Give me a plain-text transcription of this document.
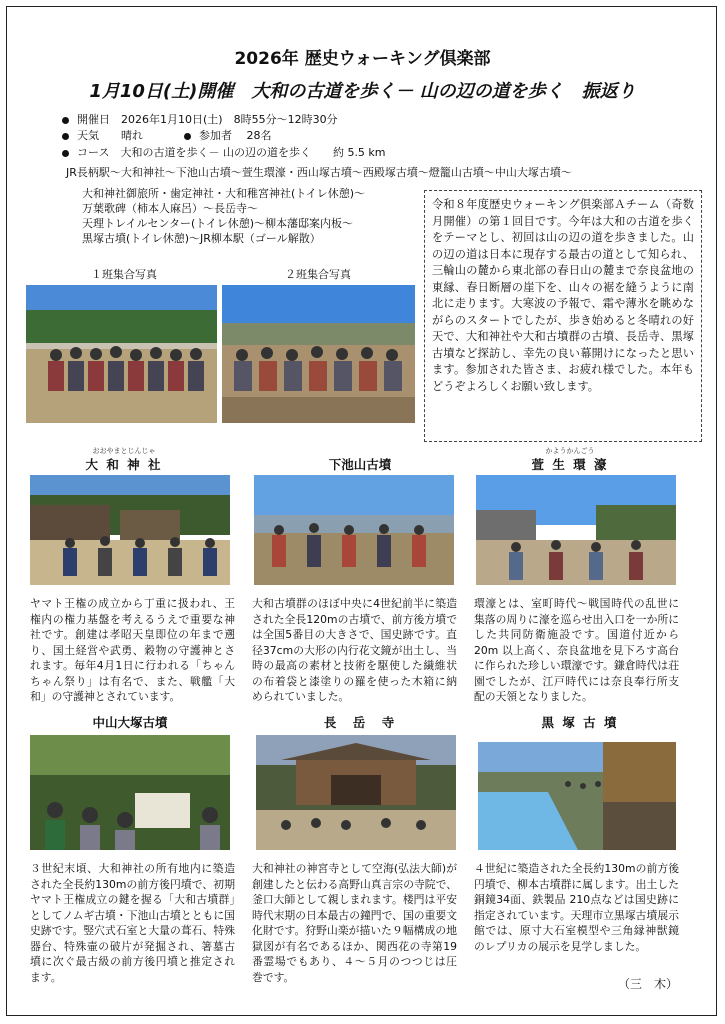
2026年 歴史ウォーキング倶楽部
1月10日(土)開催　大和の古道を歩く－ 山の辺の道を歩く　振返り
開催日　2026年1月10日(土)　8時55分～12時30分
天気　　晴れ	参加者　 28名
コース　大和の古道を歩く－ 山の辺の道を歩く　　約 5.5 km
JR長柄駅～大和神社～下池山古墳～萱生環濠・西山塚古墳～西殿塚古墳～燈籠山古墳～中山大塚古墳～
大和神社御旅所・歯定神社・大和稚宮神社(トイレ休憩)～
万葉歌碑（柿本人麻呂）～長岳寺～
天理トレイルセンター(トイレ休憩)～柳本藩邸案内板～
黒塚古墳(トイレ休憩)～JR柳本駅（ゴール解散）
令和８年度歴史ウォーキング倶楽部Ａチーム（奇数月開催）の第１回目です。今年は大和の古道を歩くをテーマとし、初回は山の辺の道を歩きました。山の辺の道は日本に現存する最古の道として知られ、三輪山の麓から東北部の春日山の麓まで奈良盆地の東縁、春日断層の崖下を、山々の裾を縫うように南北に走ります。大寒波の予報で、霜や薄氷を眺めながらのスタートでしたが、歩き始めると冬晴れの好天で、大和神社や大和古墳群の古墳、長岳寺、黒塚古墳など探訪し、幸先の良い幕開けになったと思います。参加された皆さま、お疲れ様でした。本年もどうぞよろしくお願い致します。
１班集合写真	２班集合写真
おおやまとじんじゃ
大 和 神 社	下池山古墳
かようかんごう
萱 生 環 濠
ヤマト王権の成立から丁重に扱われ、王権内の権力基盤を考えるうえで重要な神社です。創建は孝昭天皇即位の年まで遡り、国土経営や武勇、穀物の守護神とされます。毎年4月1日に行われる「ちゃんちゃん祭り」は有名で、また、戦艦「大和」の守護神とされています。
大和古墳群のほぼ中央に4世紀前半に築造された全長120mの古墳で、前方後方墳では全国5番目の大きさで、国史跡です。直径37cmの大形の内行花文鏡が出土し、当時の最高の素材と技術を駆使した繊維状の布着袋と漆塗りの羅を使った木箱に納められていました。
環濠とは、室町時代～戦国時代の乱世に集落の周りに濠を巡らせ出入口を一か所にした共同防衛施設です。国道付近から20m 以上高く、奈良盆地を見下ろす高台に作られた珍しい環濠です。鎌倉時代は荘園でしたが、江戸時代には奈良奉行所支配の天領となりました。
中山大塚古墳	長　岳　寺	黒 塚 古 墳
３世紀末頃、大和神社の所有地内に築造された全長約130mの前方後円墳で、初期ヤマト王権成立の鍵を握る「大和古墳群」としてノムギ古墳・下池山古墳とともに国史跡です。竪穴式石室と大量の葺石、特殊器台、特殊壷の破片が発掘され、箸墓古墳に次ぐ最古級の前方後円墳と推定されます。
大和神社の神宮寺として空海(弘法大師)が創建したと伝わる高野山真言宗の寺院で、釜口大師として親しまれます。楼門は平安時代末期の日本最古の鐘門で、国の重要文化財です。狩野山楽が描いた９幅構成の地獄図が有名であるほか、関西花の寺第19番霊場でもあり、４～５月のつつじは圧巻です。
４世紀に築造された全長約130mの前方後円墳で、柳本古墳群に属します。出土した銅鏡34面、鉄製品 210点などは国史跡に指定されています。天理市立黒塚古墳展示館では、原寸大石室模型や三角縁神獣鏡のレプリカの展示を見学しました。
（三　木）
